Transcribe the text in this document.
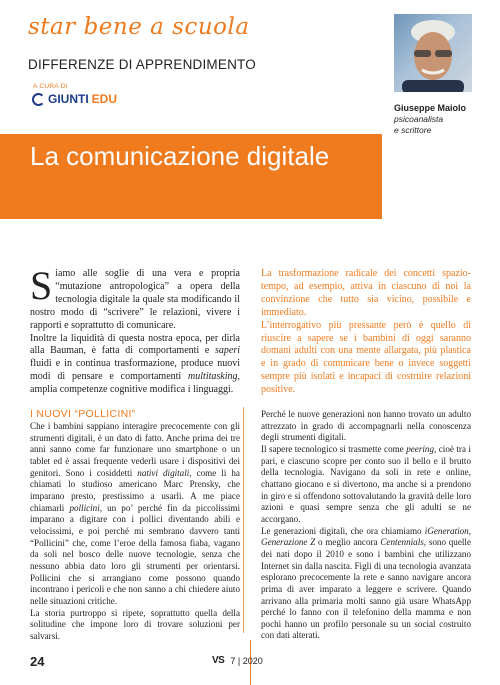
star bene a scuola
DIFFERENZE DI APPRENDIMENTO
A CURA DI
GIUNTI EDU
Giuseppe Maiolo
psicoanalista
e scrittore
La comunicazione digitale

Siamo alle soglie di una vera e propria “mutazione antropologica” a opera della tecnologia digitale la quale sta modificando il nostro modo di “scrivere” le relazioni, vivere i rapporti e soprattutto di comunicare.

Inoltre la liquidità di questa nostra epoca, per dirla alla Bauman, è fatta di comportamenti e saperi fluidi e in continua trasformazione, produce nuovi modi di pensare e comportamenti multitasking, amplia competenze cognitive modifica i linguaggi.

La trasformazione radicale dei concetti spazio-tempo, ad esempio, attiva in ciascuno di noi la convinzione che tutto sia vicino, possibile e immediato.

L’interrogativo più pressante però è quello di riuscire a sapere se i bambini di oggi saranno domani adulti con una mente allargata, più plastica e in grado di comunicare bene o invece soggetti sempre più isolati e incapaci di costruire relazioni positive.

I NUOVI “POLLICINI”

Che i bambini sappiano interagire precocemente con gli strumenti digitali, è un dato di fatto. Anche prima dei tre anni sanno come far funzionare uno smartphone o un tablet ed è assai frequente vederli usare i dispositivi dei genitori. Sono i cosiddetti nativi digitali, come li ha chiamati lo studioso americano Marc Prensky, che imparano presto, prestissimo a usarli. A me piace chiamarli pollicini, un po’ perché fin da piccolissimi imparano a digitare con i pollici diventando abili e velocissimi, e poi perché mi sembrano davvero tanti “Pollicini” che, come l’eroe della famosa fiaba, vagano da soli nel bosco delle nuove tecnologie, senza che nessuno abbia dato loro gli strumenti per orientarsi. Pollicini che si arrangiano come possono quando incontrano i pericoli e che non sanno a chi chiedere aiuto nelle situazioni critiche.

La storia purtroppo si ripete, soprattutto quella della solitudine che impone loro di trovare soluzioni per salvarsi.

Perché le nuove generazioni non hanno trovato un adulto attrezzato in grado di accompagnarli nella conoscenza degli strumenti digitali.

Il sapere tecnologico si trasmette come peering, cioè tra i pari, e ciascuno scopre per conto suo il bello e il brutto della tecnologia. Navigano da soli in rete e online, chattano giocano e si divertono, ma anche si a prendono in giro e si offendono sottovalutando la gravità delle loro azioni e quasi sempre senza che gli adulti se ne accorgano.

Le generazioni digitali, che ora chiamiamo iGeneration, Generazione Z o meglio ancora Centennials, sono quelle dei nati dopo il 2010 e sono i bambini che utilizzano Internet sin dalla nascita. Figli di una tecnologia avanzata esplorano precocemente la rete e sanno navigare ancora prima di aver imparato a leggere e scrivere. Quando arrivano alla primaria molti sanno già usare WhatsApp perché lo fanno con il telefonino della mamma e non pochi hanno un profilo personale su un social costruito con dati alterati.

24	VS 7 | 2020
